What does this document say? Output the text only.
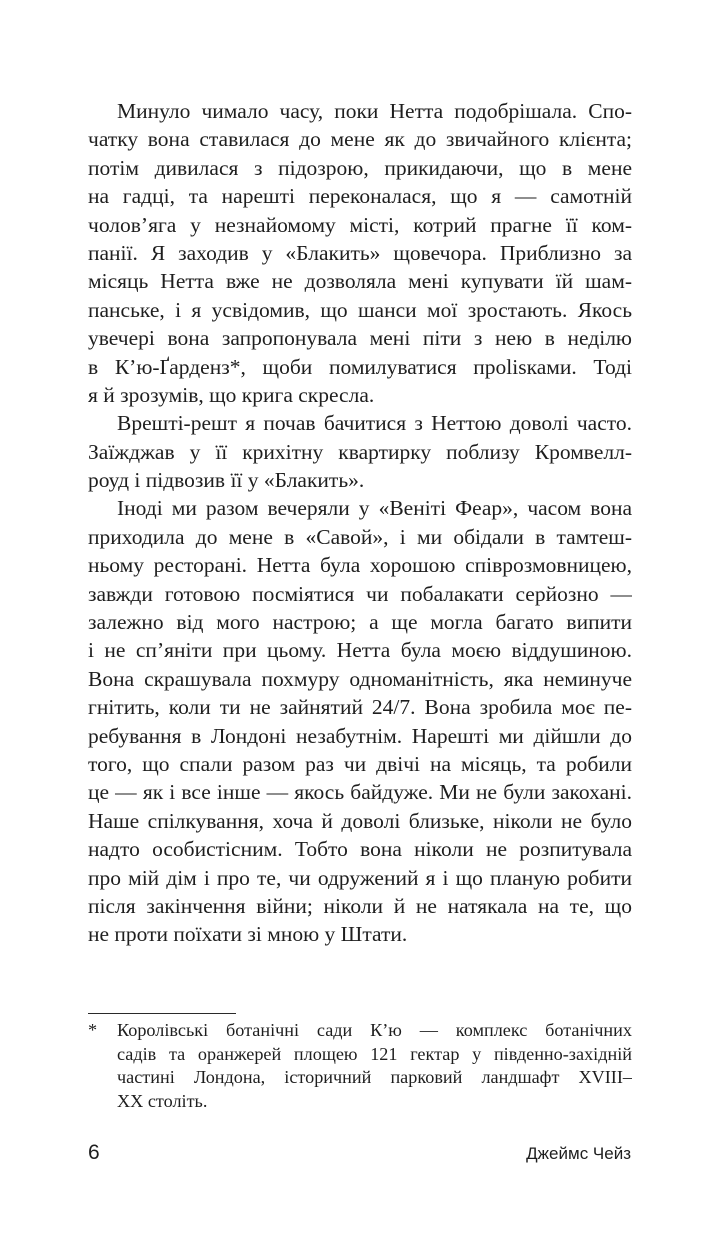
Минуло чимало часу, поки Нетта подобрішала. Спо-
чатку вона ставилася до мене як до звичайного клієнта;
потім дивилася з підозрою, прикидаючи, що в мене
на гадці, та нарешті переконалася, що я — самотній
чолов’яга у незнайомому місті, котрий прагне її ком-
панії. Я заходив у «Блакить» щовечора. Приблизно за
місяць Нетта вже не дозволяла мені купувати їй шам-
панське, і я усвідомив, що шанси мої зростають. Якось
увечері вона запропонувала мені піти з нею в неділю
в К’ю-Ґарденз*, щоби помилуватися прolisками. Тоді
я й зрозумів, що крига скресла.
Врешті-решт я почав бачитися з Неттою доволі часто.
Заїжджав у її крихітну квартирку поблизу Кромвелл-
роуд і підвозив її у «Блакить».
Іноді ми разом вечеряли у «Веніті Феар», часом вона
приходила до мене в «Савой», і ми обідали в тамтеш-
ньому ресторані. Нетта була хорошою співрозмовницею,
завжди готовою посміятися чи побалакати серйозно —
залежно від мого настрою; а ще могла багато випити
і не сп’яніти при цьому. Нетта була моєю віддушиною.
Вона скрашувала похмуру одноманітність, яка неминуче
гнітить, коли ти не зайнятий 24/7. Вона зробила моє пе-
ребування в Лондоні незабутнім. Нарешті ми дійшли до
того, що спали разом раз чи двічі на місяць, та робили
це — як і все інше — якось байдуже. Ми не були закохані.
Наше спілкування, хоча й доволі близьке, ніколи не було
надто особистісним. Тобто вона ніколи не розпитувала
про мій дім і про те, чи одружений я і що планую робити
після закінчення війни; ніколи й не натякала на те, що
не проти поїхати зі мною у Штати.
*	Королівські ботанічні сади К’ю — комплекс ботанічних
садів та оранжерей площею 121 гектар у південно-західній
частині Лондона, історичний парковий ландшафт XVIII–
XX століть.
6	Джеймс Чейз
